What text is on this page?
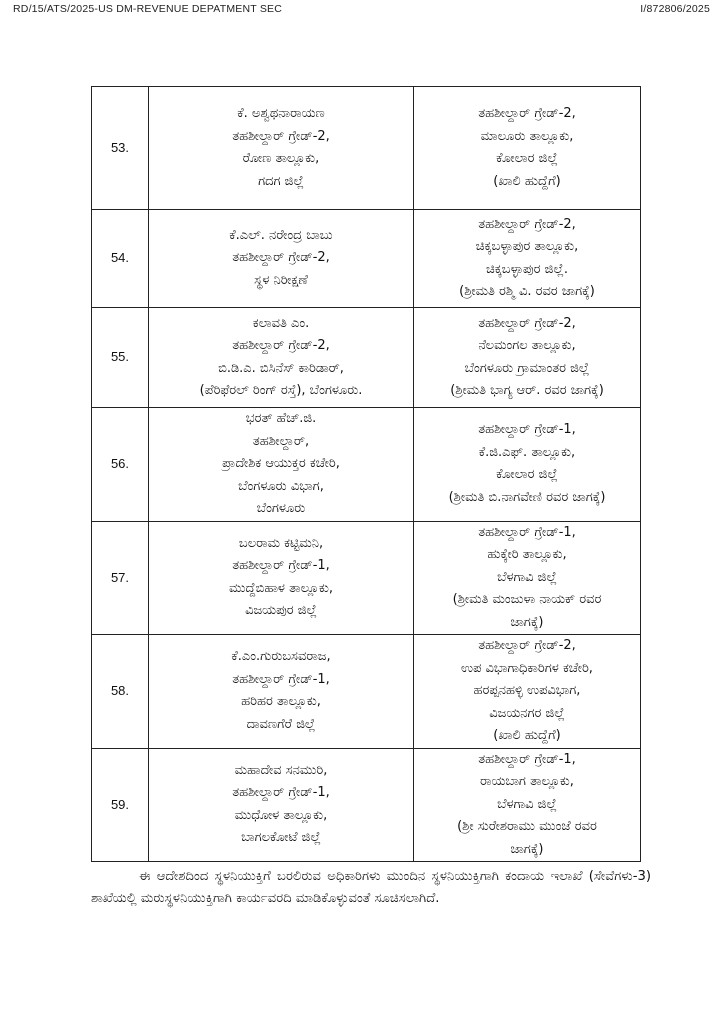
RD/15/ATS/2025-US DM-REVENUE DEPATMENT SEC	I/872806/2025
53.	ಕೆ. ಅಶ್ವಥನಾರಾಯಣ
ತಹಶೀಲ್ದಾರ್ ಗ್ರೇಡ್-2,
ರೋಣ ತಾಲ್ಲೂಕು,
ಗದಗ ಜಿಲ್ಲೆ	ತಹಶೀಲ್ದಾರ್ ಗ್ರೇಡ್-2,
ಮಾಲೂರು ತಾಲ್ಲೂಕು,
ಕೋಲಾರ ಜಿಲ್ಲೆ
(ಖಾಲಿ ಹುದ್ದೆಗೆ)

54.	ಕೆ.ಎಲ್. ನರೇಂದ್ರ ಬಾಬು
ತಹಶೀಲ್ದಾರ್ ಗ್ರೇಡ್-2,
ಸ್ಥಳ ನಿರೀಕ್ಷಣೆ	ತಹಶೀಲ್ದಾರ್ ಗ್ರೇಡ್-2,
ಚಿಕ್ಕಬಳ್ಳಾಪುರ ತಾಲ್ಲೂಕು,
ಚಿಕ್ಕಬಳ್ಳಾಪುರ ಜಿಲ್ಲೆ.
(ಶ್ರೀಮತಿ ರಶ್ಮಿ ವಿ. ರವರ ಜಾಗಕ್ಕೆ)

55.	ಕಲಾವತಿ ಎಂ.
ತಹಶೀಲ್ದಾರ್ ಗ್ರೇಡ್-2,
ಬಿ.ಡಿ.ಎ. ಬಿಸಿನೆಸ್ ಕಾರಿಡಾರ್,
(ಪೆರಿಫೆರಲ್ ರಿಂಗ್ ರಸ್ತೆ), ಬೆಂಗಳೂರು.	ತಹಶೀಲ್ದಾರ್ ಗ್ರೇಡ್-2,
ನೆಲಮಂಗಲ ತಾಲ್ಲೂಕು,
ಬೆಂಗಳೂರು ಗ್ರಾಮಾಂತರ ಜಿಲ್ಲೆ
(ಶ್ರೀಮತಿ ಭಾಗ್ಯ ಆರ್. ರವರ ಜಾಗಕ್ಕೆ)

56.	ಭರತ್ ಹೆಚ್.ಜಿ.
ತಹಶೀಲ್ದಾರ್,
ಪ್ರಾದೇಶಿಕ ಆಯುಕ್ತರ ಕಚೇರಿ,
ಬೆಂಗಳೂರು ವಿಭಾಗ,
ಬೆಂಗಳೂರು	ತಹಶೀಲ್ದಾರ್ ಗ್ರೇಡ್-1,
ಕೆ.ಜಿ.ಎಫ್. ತಾಲ್ಲೂಕು,
ಕೋಲಾರ ಜಿಲ್ಲೆ
(ಶ್ರೀಮತಿ ಬಿ.ನಾಗವೇಣಿ ರವರ ಜಾಗಕ್ಕೆ)

57.	ಬಲರಾಮ ಕಟ್ಟಿಮನಿ,
ತಹಶೀಲ್ದಾರ್ ಗ್ರೇಡ್-1,
ಮುದ್ದೆಬಿಹಾಳ ತಾಲ್ಲೂಕು,
ವಿಜಯಪುರ ಜಿಲ್ಲೆ	ತಹಶೀಲ್ದಾರ್ ಗ್ರೇಡ್-1,
ಹುಕ್ಕೇರಿ ತಾಲ್ಲೂಕು,
ಬೆಳಗಾವಿ ಜಿಲ್ಲೆ
(ಶ್ರೀಮತಿ ಮಂಜುಳಾ ನಾಯಕ್ ರವರ
ಜಾಗಕ್ಕೆ)

58.	ಕೆ.ಎಂ.ಗುರುಬಸವರಾಜ,
ತಹಶೀಲ್ದಾರ್ ಗ್ರೇಡ್-1,
ಹರಿಹರ ತಾಲ್ಲೂಕು,
ದಾವಣಗೆರೆ ಜಿಲ್ಲೆ	ತಹಶೀಲ್ದಾರ್ ಗ್ರೇಡ್-2,
ಉಪ ವಿಭಾಗಾಧಿಕಾರಿಗಳ ಕಚೇರಿ,
ಹರಪ್ಪನಹಳ್ಳಿ ಉಪವಿಭಾಗ,
ವಿಜಯನಗರ ಜಿಲ್ಲೆ
(ಖಾಲಿ ಹುದ್ದೆಗೆ)

59.	ಮಹಾದೇವ ಸನಮುರಿ,
ತಹಶೀಲ್ದಾರ್ ಗ್ರೇಡ್-1,
ಮುಧೋಳ ತಾಲ್ಲೂಕು,
ಬಾಗಲಕೋಟೆ ಜಿಲ್ಲೆ	ತಹಶೀಲ್ದಾರ್ ಗ್ರೇಡ್-1,
ರಾಯಬಾಗ ತಾಲ್ಲೂಕು,
ಬೆಳಗಾವಿ ಜಿಲ್ಲೆ
(ಶ್ರೀ ಸುರೇಶರಾಮು ಮುಂಜೆ ರವರ
ಜಾಗಕ್ಕೆ)
ಈ ಆದೇಶದಿಂದ ಸ್ಥಳನಿಯುಕ್ತಿಗೆ ಬರಲಿರುವ ಅಧಿಕಾರಿಗಳು ಮುಂದಿನ ಸ್ಥಳನಿಯುಕ್ತಿಗಾಗಿ ಕಂದಾಯ ಇಲಾಖೆ (ಸೇವೆಗಳು-3) ಶಾಖೆಯಲ್ಲಿ ಮರುಸ್ಥಳನಿಯುಕ್ತಿಗಾಗಿ ಕಾರ್ಯವರದಿ ಮಾಡಿಕೊಳ್ಳುವಂತೆ ಸೂಚಿಸಲಾಗಿದೆ.
